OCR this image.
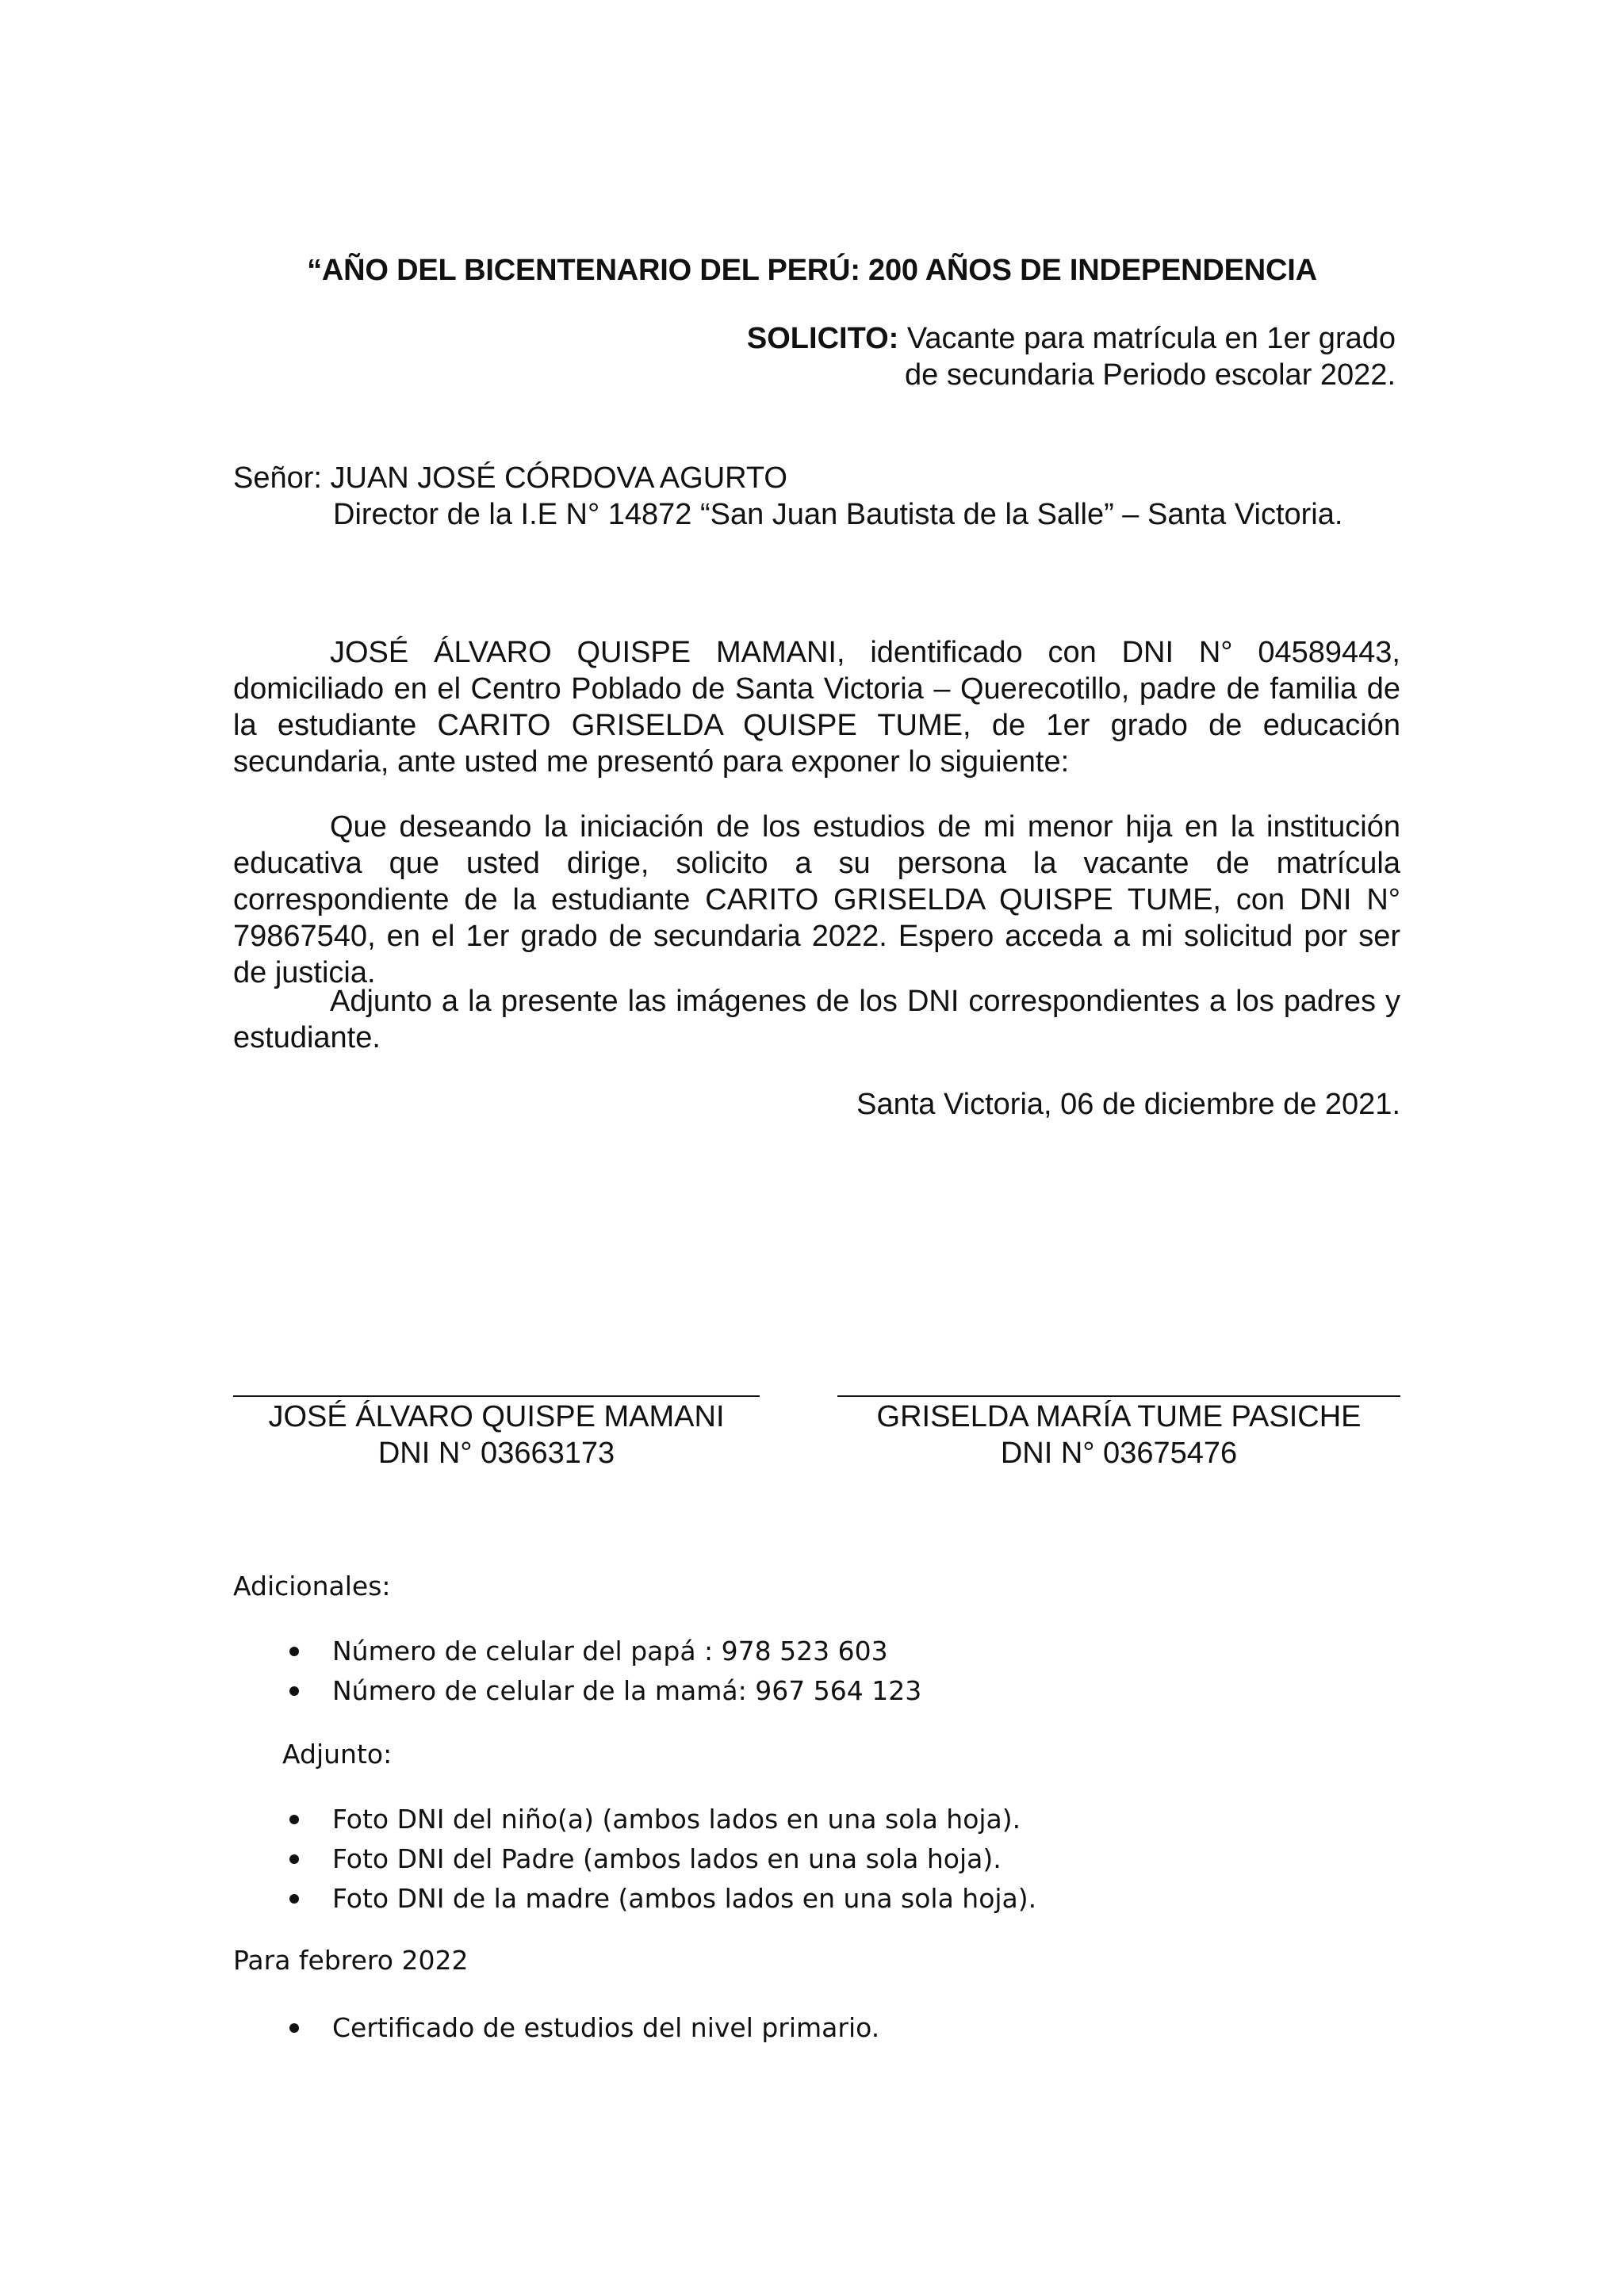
“AÑO DEL BICENTENARIO DEL PERÚ: 200 AÑOS DE INDEPENDENCIA
SOLICITO: Vacante para matrícula en 1er grado
de secundaria Periodo escolar 2022.
Señor: JUAN JOSÉ CÓRDOVA AGURTO
Director de la I.E N° 14872 “San Juan Bautista de la Salle” – Santa Victoria.

JOSÉ ÁLVARO QUISPE MAMANI, identificado con DNI N° 04589443, domiciliado en el Centro Poblado de Santa Victoria – Querecotillo, padre de familia de la estudiante CARITO GRISELDA QUISPE TUME, de 1er grado de educación secundaria, ante usted me presentó para exponer lo siguiente:

Que deseando la iniciación de los estudios de mi menor hija en la institución educativa que usted dirige, solicito a su persona la vacante de matrícula correspondiente de la estudiante CARITO GRISELDA QUISPE TUME, con DNI N° 79867540, en el 1er grado de secundaria 2022. Espero acceda a mi solicitud por ser de justicia.

Adjunto a la presente las imágenes de los DNI correspondientes a los padres y estudiante.

Santa Victoria, 06 de diciembre de 2021.
JOSÉ ÁLVARO QUISPE MAMANI
DNI N° 03663173
GRISELDA MARÍA TUME PASICHE
DNI N° 03675476
Adicionales:
Número de celular del papá : 978 523 603
Número de celular de la mamá: 967 564 123
Adjunto:
Foto DNI del niño(a) (ambos lados en una sola hoja).
Foto DNI del Padre (ambos lados en una sola hoja).
Foto DNI de la madre (ambos lados en una sola hoja).
Para febrero 2022
Certificado de estudios del nivel primario.
